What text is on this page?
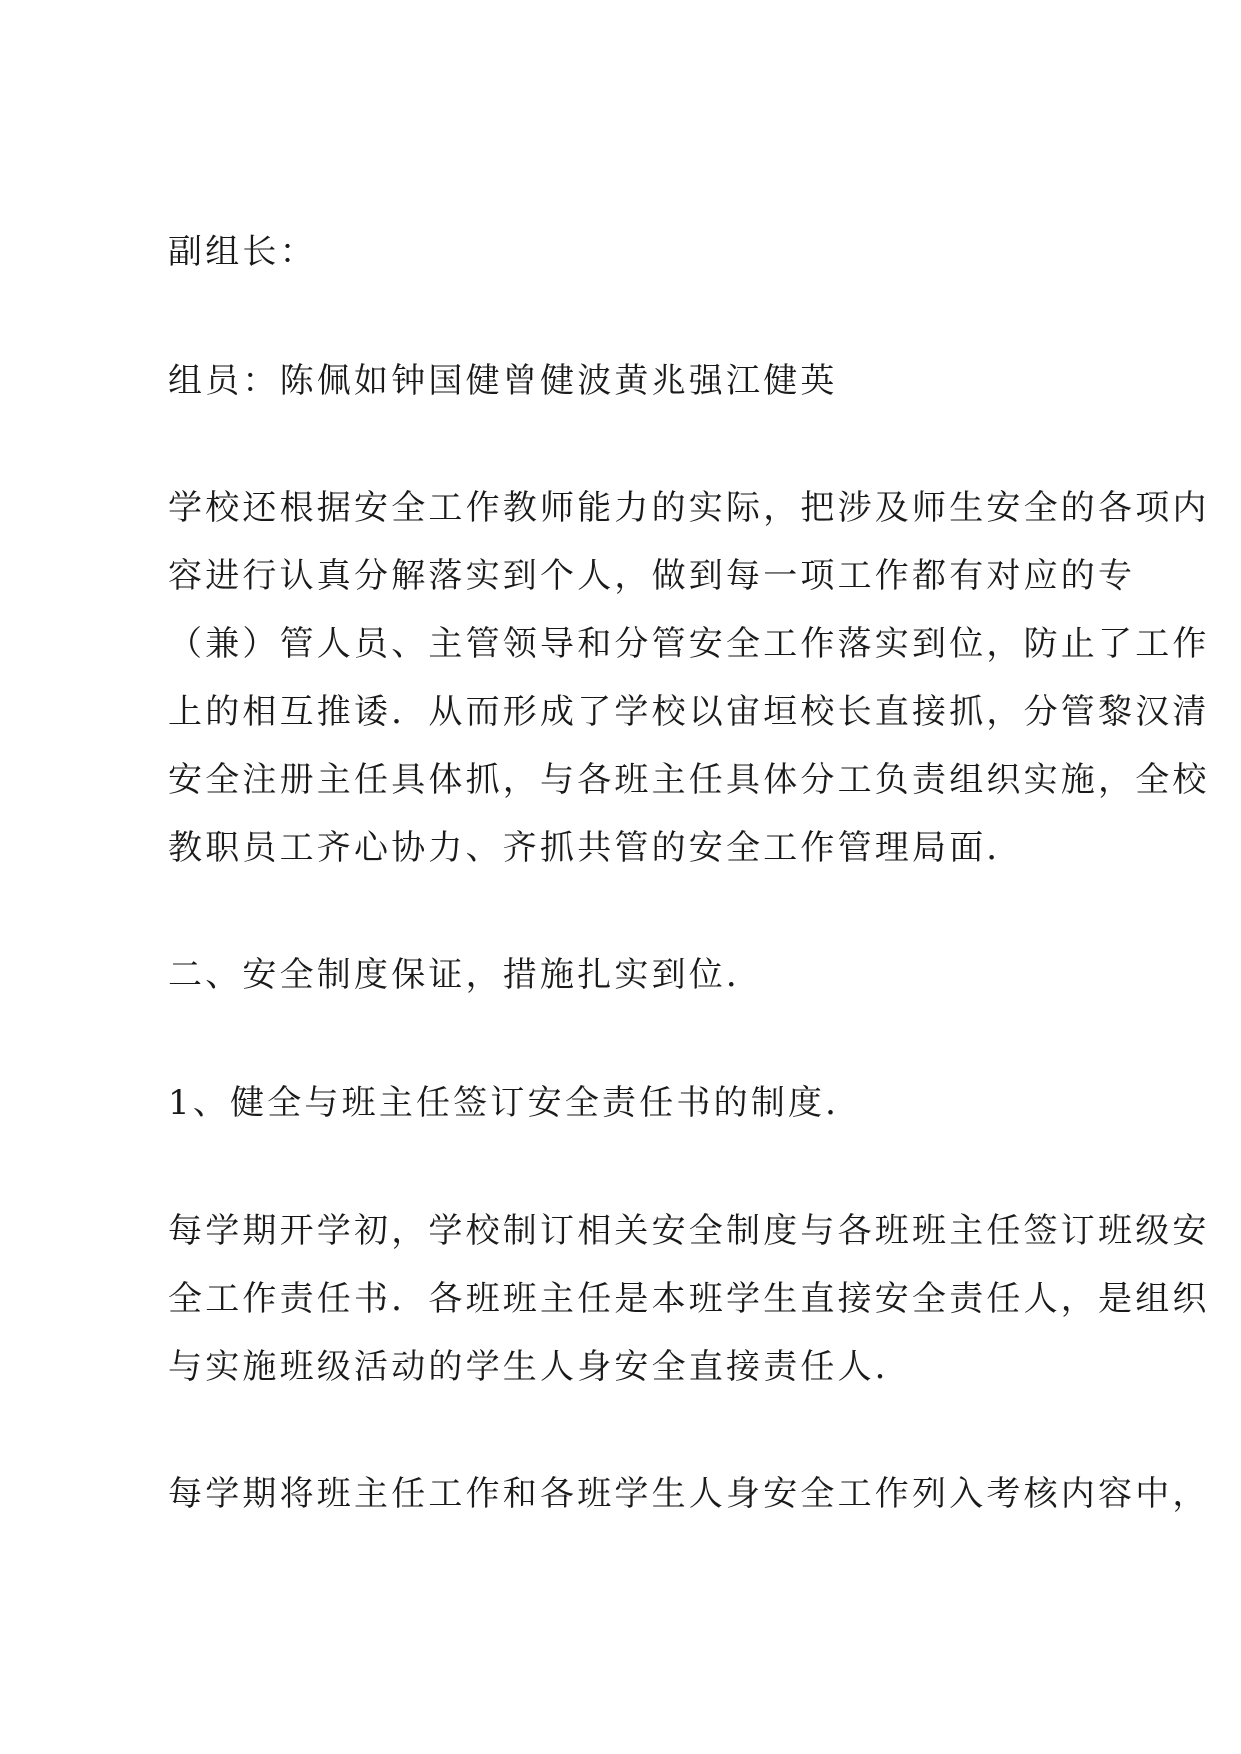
副组长：

组员：陈佩如钟国健曾健波黄兆强江健英

学校还根据安全工作教师能力的实际，把涉及师生安全的各项内

容进行认真分解落实到个人，做到每一项工作都有对应的专

（兼）管人员、主管领导和分管安全工作落实到位，防止了工作

上的相互推诿．从而形成了学校以宙垣校长直接抓，分管黎汉清

安全注册主任具体抓，与各班主任具体分工负责组织实施，全校

教职员工齐心协力、齐抓共管的安全工作管理局面．

二、安全制度保证，措施扎实到位．

1、健全与班主任签订安全责任书的制度．

每学期开学初，学校制订相关安全制度与各班班主任签订班级安

全工作责任书．各班班主任是本班学生直接安全责任人，是组织

与实施班级活动的学生人身安全直接责任人．

每学期将班主任工作和各班学生人身安全工作列入考核内容中，
